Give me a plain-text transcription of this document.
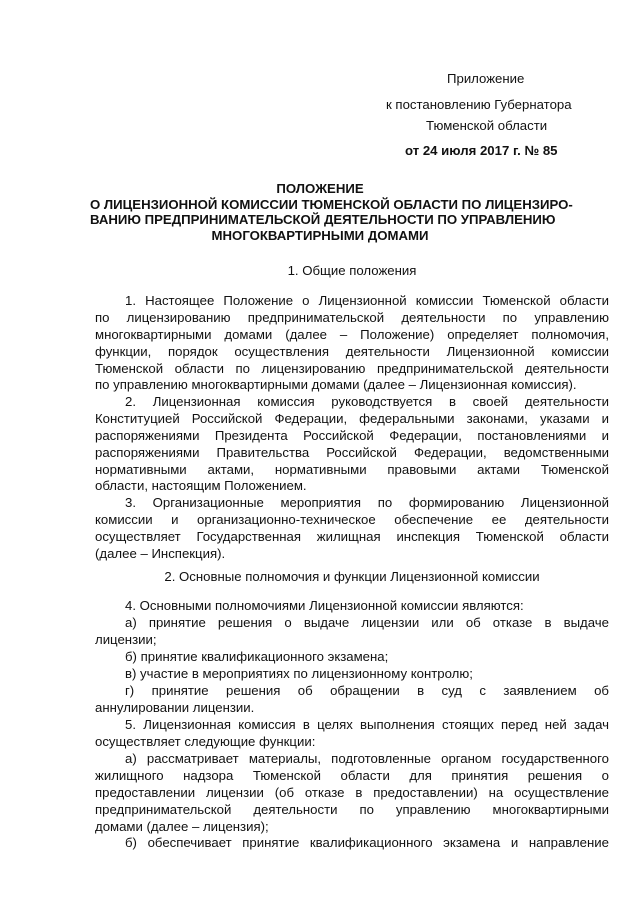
Приложение
к постановлению Губернатора
Тюменской области
от 24 июля 2017 г. № 85
ПОЛОЖЕНИЕ
О ЛИЦЕНЗИОННОЙ КОМИССИИ ТЮМЕНСКОЙ ОБЛАСТИ ПО ЛИЦЕНЗИРО-
ВАНИЮ ПРЕДПРИНИМАТЕЛЬСКОЙ ДЕЯТЕЛЬНОСТИ ПО УПРАВЛЕНИЮ
МНОГОКВАРТИРНЫМИ ДОМАМИ
1. Общие положения
1. Настоящее Положение о Лицензионной комиссии Тюменской области
по лицензированию предпринимательской деятельности по управлению
многоквартирными домами (далее – Положение) определяет полномочия,
функции, порядок осуществления деятельности Лицензионной комиссии
Тюменской области по лицензированию предпринимательской деятельности
по управлению многоквартирными домами (далее – Лицензионная комиссия).
2. Лицензионная комиссия руководствуется в своей деятельности
Конституцией Российской Федерации, федеральными законами, указами и
распоряжениями Президента Российской Федерации, постановлениями и
распоряжениями Правительства Российской Федерации, ведомственными
нормативными актами, нормативными правовыми актами Тюменской
области, настоящим Положением.
3. Организационные мероприятия по формированию Лицензионной
комиссии и организационно-техническое обеспечение ее деятельности
осуществляет Государственная жилищная инспекция Тюменской области
(далее – Инспекция).
2. Основные полномочия и функции Лицензионной комиссии
4. Основными полномочиями Лицензионной комиссии являются:
а) принятие решения о выдаче лицензии или об отказе в выдаче
лицензии;
б) принятие квалификационного экзамена;
в) участие в мероприятиях по лицензионному контролю;
г) принятие решения об обращении в суд с заявлением об
аннулировании лицензии.
5. Лицензионная комиссия в целях выполнения стоящих перед ней задач
осуществляет следующие функции:
а) рассматривает материалы, подготовленные органом государственного
жилищного надзора Тюменской области для принятия решения о
предоставлении лицензии (об отказе в предоставлении) на осуществление
предпринимательской деятельности по управлению многоквартирными
домами (далее – лицензия);
б) обеспечивает принятие квалификационного экзамена и направление
